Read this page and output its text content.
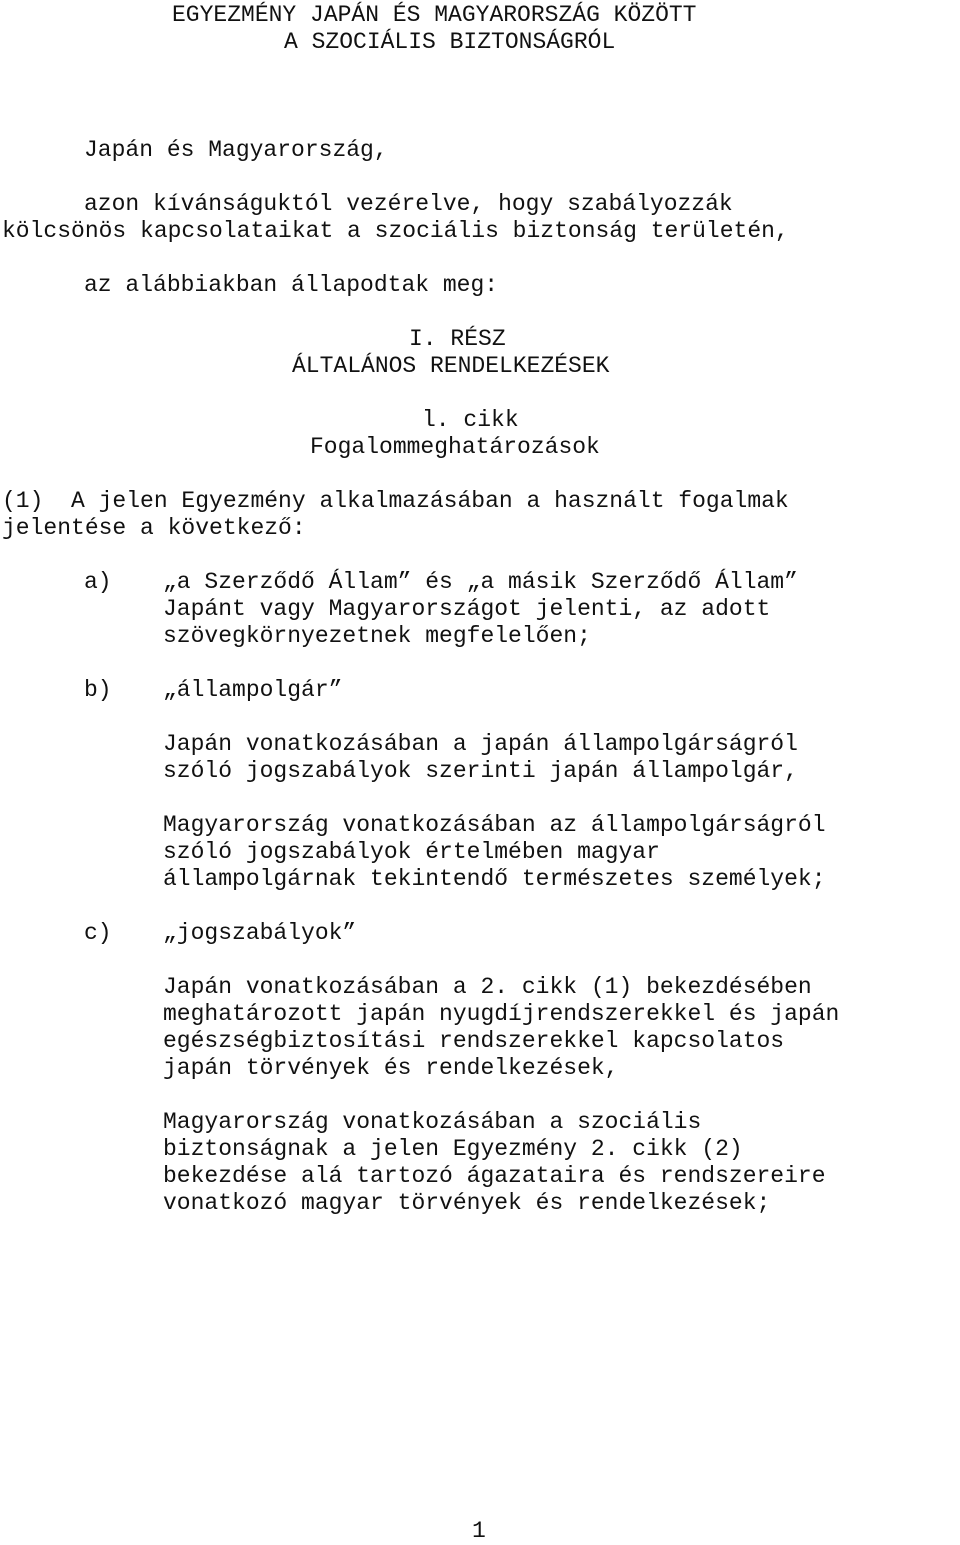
EGYEZMÉNY JAPÁN ÉS MAGYARORSZÁG KÖZÖTT
A SZOCIÁLIS BIZTONSÁGRÓL
Japán és Magyarország,
azon kívánságuktól vezérelve, hogy szabályozzák
kölcsönös kapcsolataikat a szociális biztonság területén,
az alábbiakban állapodtak meg:
I. RÉSZ
ÁLTALÁNOS RENDELKEZÉSEK
l. cikk
Fogalommeghatározások
(1)  A jelen Egyezmény alkalmazásában a használt fogalmak
jelentése a következő:
a) „a Szerződő Állam” és „a másik Szerződő Állam”
Japánt vagy Magyarországot jelenti, az adott
szövegkörnyezetnek megfelelően;
b) „állampolgár”
Japán vonatkozásában a japán állampolgárságról
szóló jogszabályok szerinti japán állampolgár,
Magyarország vonatkozásában az állampolgárságról
szóló jogszabályok értelmében magyar
állampolgárnak tekintendő természetes személyek;
c) „jogszabályok”
Japán vonatkozásában a 2. cikk (1) bekezdésében
meghatározott japán nyugdíjrendszerekkel és japán
egészségbiztosítási rendszerekkel kapcsolatos
japán törvények és rendelkezések,
Magyarország vonatkozásában a szociális
biztonságnak a jelen Egyezmény 2. cikk (2)
bekezdése alá tartozó ágazataira és rendszereire
vonatkozó magyar törvények és rendelkezések;
1
